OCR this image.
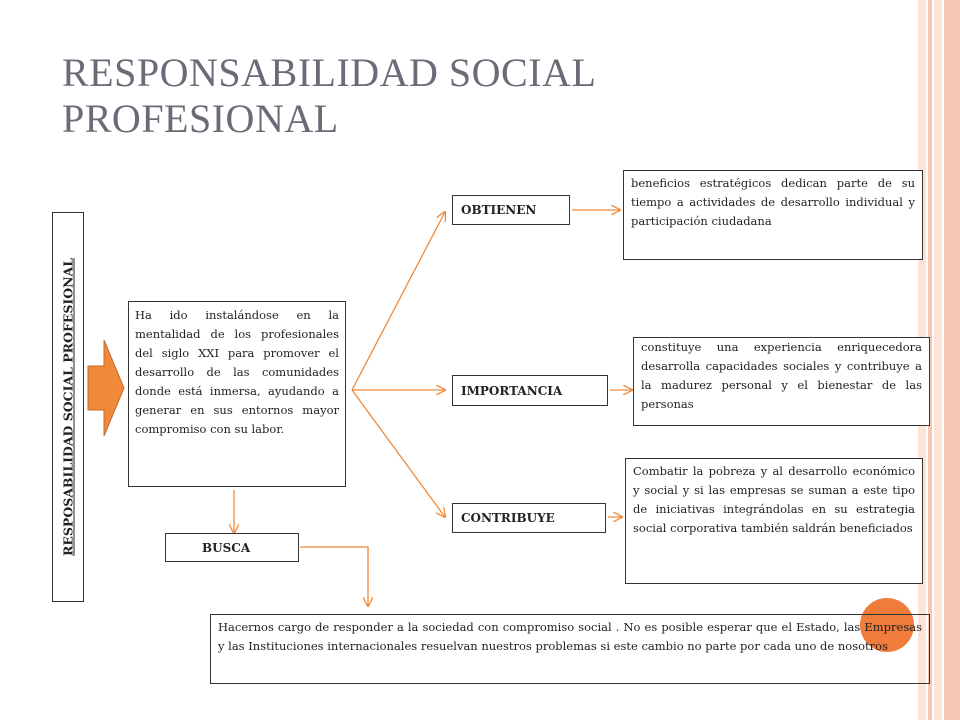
RESPONSABILIDAD SOCIAL PROFESIONAL
RESPOSABILIDAD SOCIAL PROFESIONAL	Ha ido instalándose en la mentalidad de los profesionales del siglo XXI para promover el desarrollo de las comunidades donde está inmersa, ayudando a generar en sus entornos mayor compromiso con su labor.
OBTIENEN
IMPORTANCIA
CONTRIBUYE
BUSCA
beneficios estratégicos dedican parte de su tiempo a actividades de desarrollo individual y participación ciudadana
constituye una experiencia enriquecedora desarrolla capacidades sociales y contribuye a la madurez personal y el bienestar de las personas
Combatir la pobreza y al desarrollo económico y social y si las empresas se suman a este tipo de iniciativas integrándolas en su estrategia social corporativa también saldrán beneficiados
Hacernos cargo de responder a la sociedad con compromiso social . No es posible esperar que el Estado, las Empresas y las Instituciones internacionales resuelvan nuestros problemas si este cambio no parte por cada uno de nosotros
